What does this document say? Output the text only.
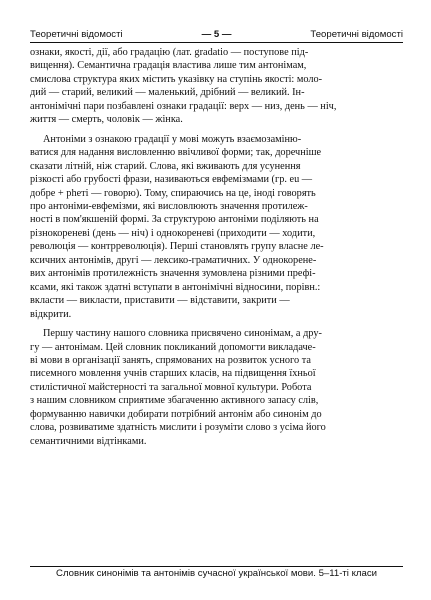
Теоретичні відомості	— 5 —	Теоретичні відомості

ознаки, якості, дії, або градацію (лат. gradatio — поступове під-
вищення). Семантична градація властива лише тим антонімам,
смислова структура яких містить указівку на ступінь якості: моло-
дий — старий, великий — маленький, дрібний — великий. Ін-
антонімічні пари позбавлені ознаки градації: верх — низ, день — ніч,
життя — смерть, чоловік — жінка.

Антоніми з ознакою градації у мові можуть взаємозаміню-
ватися для надання висловленню ввічливої форми; так, доречніше
сказати літній, ніж старий. Слова, які вживають для усунення
різкості або грубості фрази, називаються евфемізмами (гр. eu —
добре + pheті — говорю). Тому, спираючись на це, іноді говорять
про антоніми-евфемізми, які висловлюють значення протилеж-
ності в пом'якшеній формі. За структурою антоніми поділяють на
різнокореневі (день — ніч) і однокореневі (приходити — ходити,
революція — контрреволюція). Перші становлять групу власне ле-
ксичних антонімів, другі — лексико-граматичних. У однокорене-
вих антонімів протилежність значення зумовлена різними префі-
ксами, які також здатні вступати в антонімічні відносини, порівн.:
вкласти — викласти, приставити — відставити, закрити —
відкрити.

Першу частину нашого словника присвячено синонімам, а дру-
гу — антонімам. Цей словник покликаний допомогти викладаче-
ві мови в організації занять, спрямованих на розвиток усного та
писемного мовлення учнів старших класів, на підвищення їхньої
стилістичної майстерності та загальної мовної культури. Робота
з нашим словником сприятиме збагаченню активного запасу слів,
формуванню навички добирати потрібний антонім або синонім до
слова, розвиватиме здатність мислити і розуміти слово з усіма його
семантичними відтінками.

Словник синонімів та антонімів сучасної української мови. 5–11-ті класи
